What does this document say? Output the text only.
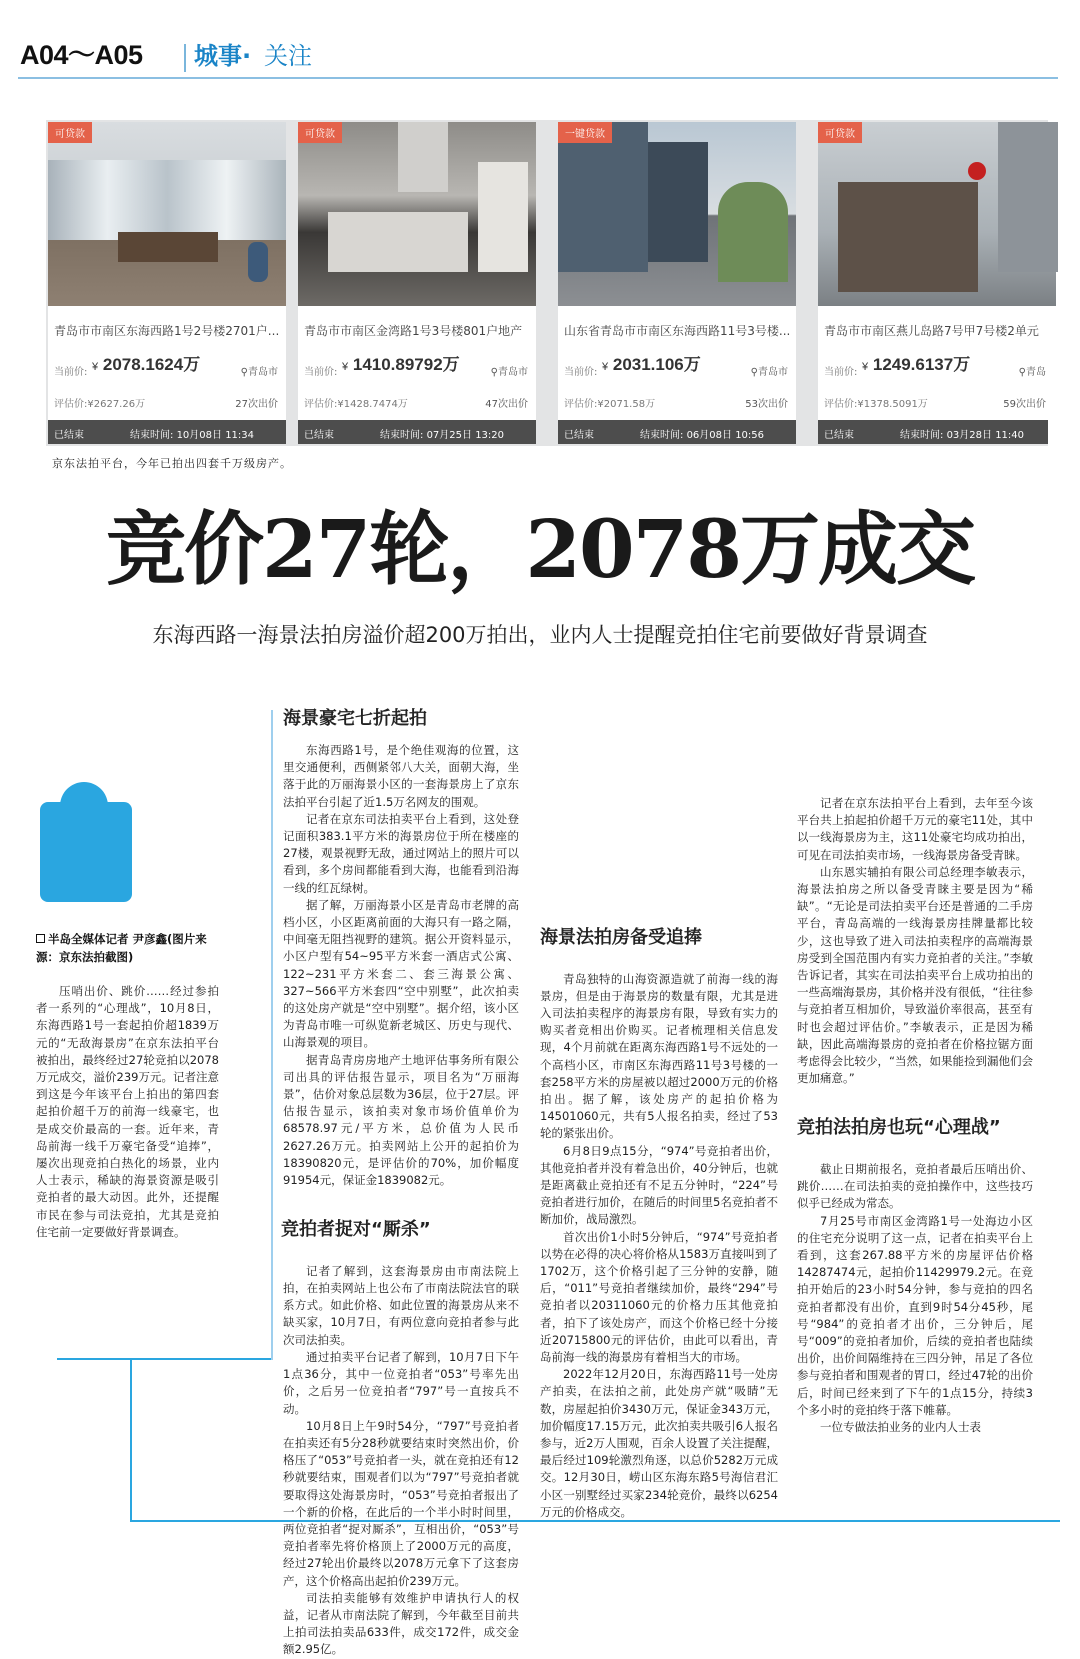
A04～A05 城事· 关注
可贷款
青岛市市南区东海西路1号2号楼2701户...
当前价: ¥ 2078.1624万	⚲青岛市
评估价:¥2627.26万	27次出价
已结束	结束时间: 10月08日 11:34
可贷款
青岛市市南区金湾路1号3号楼801户地产
当前价: ¥ 1410.89792万	⚲青岛市
评估价:¥1428.7474万	47次出价
已结束	结束时间: 07月25日 13:20
一键贷款
山东省青岛市市南区东海西路11号3号楼...
当前价: ¥ 2031.106万	⚲青岛市
评估价:¥2071.58万	53次出价
已结束	结束时间: 06月08日 10:56
可贷款
青岛市市南区燕儿岛路7号甲7号楼2单元
当前价: ¥ 1249.6137万	⚲青岛
评估价:¥1378.5091万	59次出价
已结束	结束时间: 03月28日 11:40
京东法拍平台，今年已拍出四套千万级房产。
竞价27轮，2078万成交
东海西路一海景法拍房溢价超200万拍出，业内人士提醒竞拍住宅前要做好背景调查
半岛全媒体记者 尹彦鑫(图片来源：京东法拍截图)

压哨出价、跳价……经过参拍者一系列的“心理战”，10月8日，东海西路1号一套起拍价超1839万元的“无敌海景房”在京东法拍平台被拍出，最终经过27轮竞拍以2078万元成交，溢价239万元。记者注意到这是今年该平台上拍出的第四套起拍价超千万的前海一线豪宅，也是成交价最高的一套。近年来，青岛前海一线千万豪宅备受“追捧”，屡次出现竞拍白热化的场景，业内人士表示，稀缺的海景资源是吸引竞拍者的最大动因。此外，还提醒市民在参与司法竞拍，尤其是竞拍住宅前一定要做好背景调查。

海景豪宅七折起拍

东海西路1号，是个绝佳观海的位置，这里交通便利，西侧紧邻八大关，面朝大海，坐落于此的万丽海景小区的一套海景房上了京东法拍平台引起了近1.5万名网友的围观。

记者在京东司法拍卖平台上看到，这处登记面积383.1平方米的海景房位于所在楼座的27楼，观景视野无敌，通过网站上的照片可以看到，多个房间都能看到大海，也能看到沿海一线的红瓦绿树。

据了解，万丽海景小区是青岛市老牌的高档小区，小区距离前面的大海只有一路之隔，中间毫无阻挡视野的建筑。据公开资料显示，小区户型有54~95平方米套一酒店式公寓、122~231平方米套二、套三海景公寓、327~566平方米套四“空中别墅”，此次拍卖的这处房产就是“空中别墅”。据介绍，该小区为青岛市唯一可纵览新老城区、历史与现代、山海景观的项目。

据青岛青房房地产土地评估事务所有限公司出具的评估报告显示，项目名为“万丽海景”，估价对象总层数为36层，位于27层。评估报告显示，该拍卖对象市场价值单价为68578.97元/平方米，总价值为人民币2627.26万元。拍卖网站上公开的起拍价为18390820元，是评估价的70%，加价幅度91954元，保证金1839082元。

竞拍者捉对“厮杀”

记者了解到，这套海景房由市南法院上拍，在拍卖网站上也公布了市南法院法官的联系方式。如此价格、如此位置的海景房从来不缺买家，10月7日，有两位意向竞拍者参与此次司法拍卖。

通过拍卖平台记者了解到，10月7日下午1点36分，其中一位竞拍者“053”号率先出价，之后另一位竞拍者“797”号一直按兵不动。

10月8日上午9时54分，“797”号竞拍者在拍卖还有5分28秒就要结束时突然出价，价格压了“053”号竞拍者一头，就在竞拍还有12秒就要结束，围观者们以为“797”号竞拍者就要取得这处海景房时，“053”号竞拍者报出了一个新的价格，在此后的一个半小时时间里，两位竞拍者“捉对厮杀”，互相出价，“053”号竞拍者率先将价格顶上了2000万元的高度，经过27轮出价最终以2078万元拿下了这套房产，这个价格高出起拍价239万元。

司法拍卖能够有效维护申请执行人的权益，记者从市南法院了解到，今年截至目前共上拍司法拍卖品633件，成交172件，成交金额2.95亿。

海景法拍房备受追捧

青岛独特的山海资源造就了前海一线的海景房，但是由于海景房的数量有限，尤其是进入司法拍卖程序的海景房有限，导致有实力的购买者竞相出价购买。记者梳理相关信息发现，4个月前就在距离东海西路1号不远处的一个高档小区，市南区东海西路11号3号楼的一套258平方米的房屋被以超过2000万元的价格拍出。据了解，该处房产的起拍价格为14501060元，共有5人报名拍卖，经过了53轮的紧张出价。

6月8日9点15分，“974”号竞拍者出价，其他竞拍者并没有着急出价，40分钟后，也就是距离截止竞拍还有不足五分钟时，“224”号竞拍者进行加价，在随后的时间里5名竞拍者不断加价，战局激烈。

首次出价1小时5分钟后，“974”号竞拍者以势在必得的决心将价格从1583万直接叫到了1702万，这个价格引起了三分钟的安静，随后，“011”号竞拍者继续加价，最终“294”号竞拍者以20311060元的价格力压其他竞拍者，拍下了该处房产，而这个价格已经十分接近20715800元的评估价，由此可以看出，青岛前海一线的海景房有着相当大的市场。

2022年12月20日，东海西路11号一处房产拍卖，在法拍之前，此处房产就“吸睛”无数，房屋起拍价3430万元，保证金343万元，加价幅度17.15万元，此次拍卖共吸引6人报名参与，近2万人围观，百余人设置了关注提醒，最后经过109轮激烈角逐，以总价5282万元成交。12月30日，崂山区东海东路5号海信君汇小区一别墅经过买家234轮竞价，最终以6254万元的价格成交。

记者在京东法拍平台上看到，去年至今该平台共上拍起拍价超千万元的豪宅11处，其中以一线海景房为主，这11处豪宅均成功拍出，可见在司法拍卖市场，一线海景房备受青睐。

山东恩实辅拍有限公司总经理李敏表示，海景法拍房之所以备受青睐主要是因为“稀缺”。“无论是司法拍卖平台还是普通的二手房平台，青岛高端的一线海景房挂牌量都比较少，这也导致了进入司法拍卖程序的高端海景房受到全国范围内有实力竞拍者的关注。”李敏告诉记者，其实在司法拍卖平台上成功拍出的一些高端海景房，其价格并没有很低，“往往参与竞拍者互相加价，导致溢价率很高，甚至有时也会超过评估价。”李敏表示，正是因为稀缺，因此高端海景房的竞拍者在价格拉锯方面考虑得会比较少，“当然，如果能捡到漏他们会更加痛意。”

竞拍法拍房也玩“心理战”

截止日期前报名，竞拍者最后压哨出价、跳价……在司法拍卖的竞拍操作中，这些技巧似乎已经成为常态。

7月25号市南区金湾路1号一处海边小区的住宅充分说明了这一点，记者在拍卖平台上看到，这套267.88平方米的房屋评估价格14287474元，起拍价11429979.2元。在竞拍开始后的23小时54分钟，参与竞拍的四名竞拍者都没有出价，直到9时54分45秒，尾号“984”的竞拍者才出价，三分钟后，尾号“009”的竞拍者加价，后续的竞拍者也陆续出价，出价间隔维持在三四分钟，吊足了各位参与竞拍者和围观者的胃口，经过47轮的出价后，时间已经来到了下午的1点15分，持续3个多小时的竞拍终于落下帷幕。

一位专做法拍业务的业内人士表
